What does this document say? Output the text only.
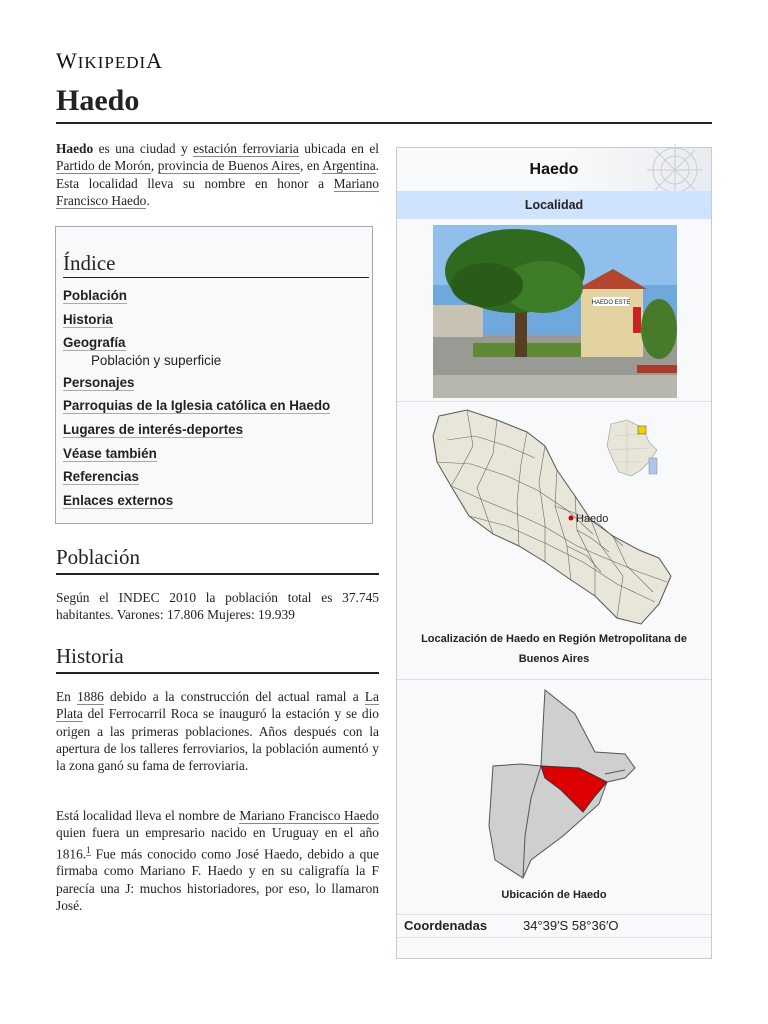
WIKIPEDIA
Haedo

Haedo es una ciudad y estación ferroviaria ubicada en el Partido de Morón, provincia de Buenos Aires, en Argentina. Esta localidad lleva su nombre en honor a Mariano Francisco Haedo.

Índice
Población
Historia
Geografía
Población y superficie
Personajes
Parroquias de la Iglesia católica en Haedo
Lugares de interés-deportes
Véase también
Referencias
Enlaces externos
Población

Según el INDEC 2010 la población total es 37.745 habitantes. Varones: 17.806 Mujeres: 19.939

Historia

En 1886 debido a la construcción del actual ramal a La Plata del Ferrocarril Roca se inauguró la estación y se dio origen a las primeras poblaciones. Años después con la apertura de los talleres ferroviarios, la población aumentó y la zona ganó su fama de ferroviaria.

Está localidad lleva el nombre de Mariano Francisco Haedo quien fuera un empresario nacido en Uruguay en el año 1816.$^1$ Fue más conocido como José Haedo, debido a que firmaba como Mariano F. Haedo y en su caligrafía la F parecía una J: muchos historiadores, por eso, lo llamaron José.

Haedo
Localidad
HAEDO ESTE
Haedo
Localización de Haedo en Región Metropolitana de Buenos Aires
Ubicación de Haedo
Coordenadas	34°39′S 58°36′O
